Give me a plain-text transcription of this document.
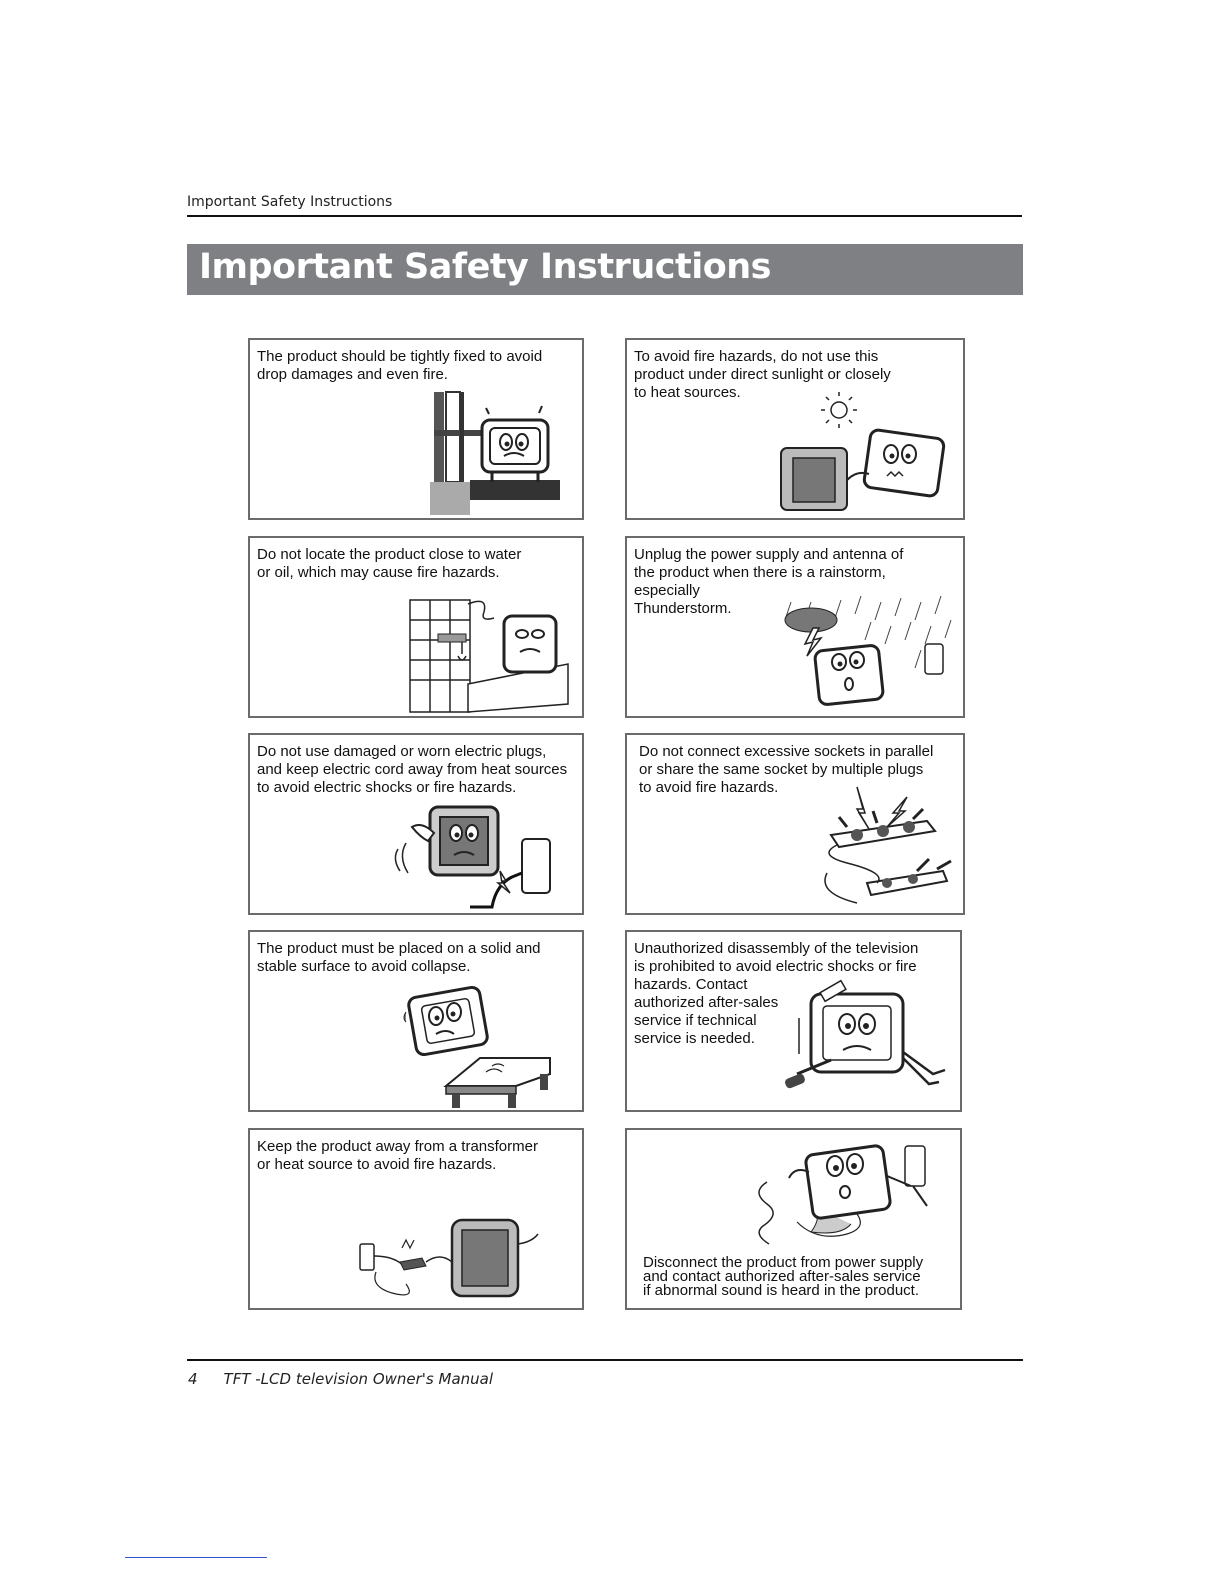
Important Safety Instructions
Important Safety Instructions
The product should be tightly fixed to avoid
drop damages and even fire.
To avoid fire hazards, do not use this
product under direct sunlight or closely
to heat sources.
Do not locate the product close to water
or oil, which may cause fire hazards.
Unplug the power supply and antenna of
the product when there is a rainstorm,
especially
Thunderstorm.
Do not use damaged or worn electric plugs,
and keep electric cord away from heat sources
to avoid electric shocks or fire hazards.
Do not connect excessive sockets in parallel
or share the same socket by multiple plugs
to avoid fire hazards.
The product must be placed on a solid and
stable surface to avoid collapse.
Unauthorized disassembly of the television
is prohibited to avoid electric shocks or fire
hazards. Contact
authorized after-sales
service if technical
service is needed.
Keep the product away from a transformer
or heat source to avoid fire hazards.
Disconnect the product from power supply
and contact authorized after-sales service
if abnormal sound is heard in the product.
4 TFT -LCD television Owner's Manual
